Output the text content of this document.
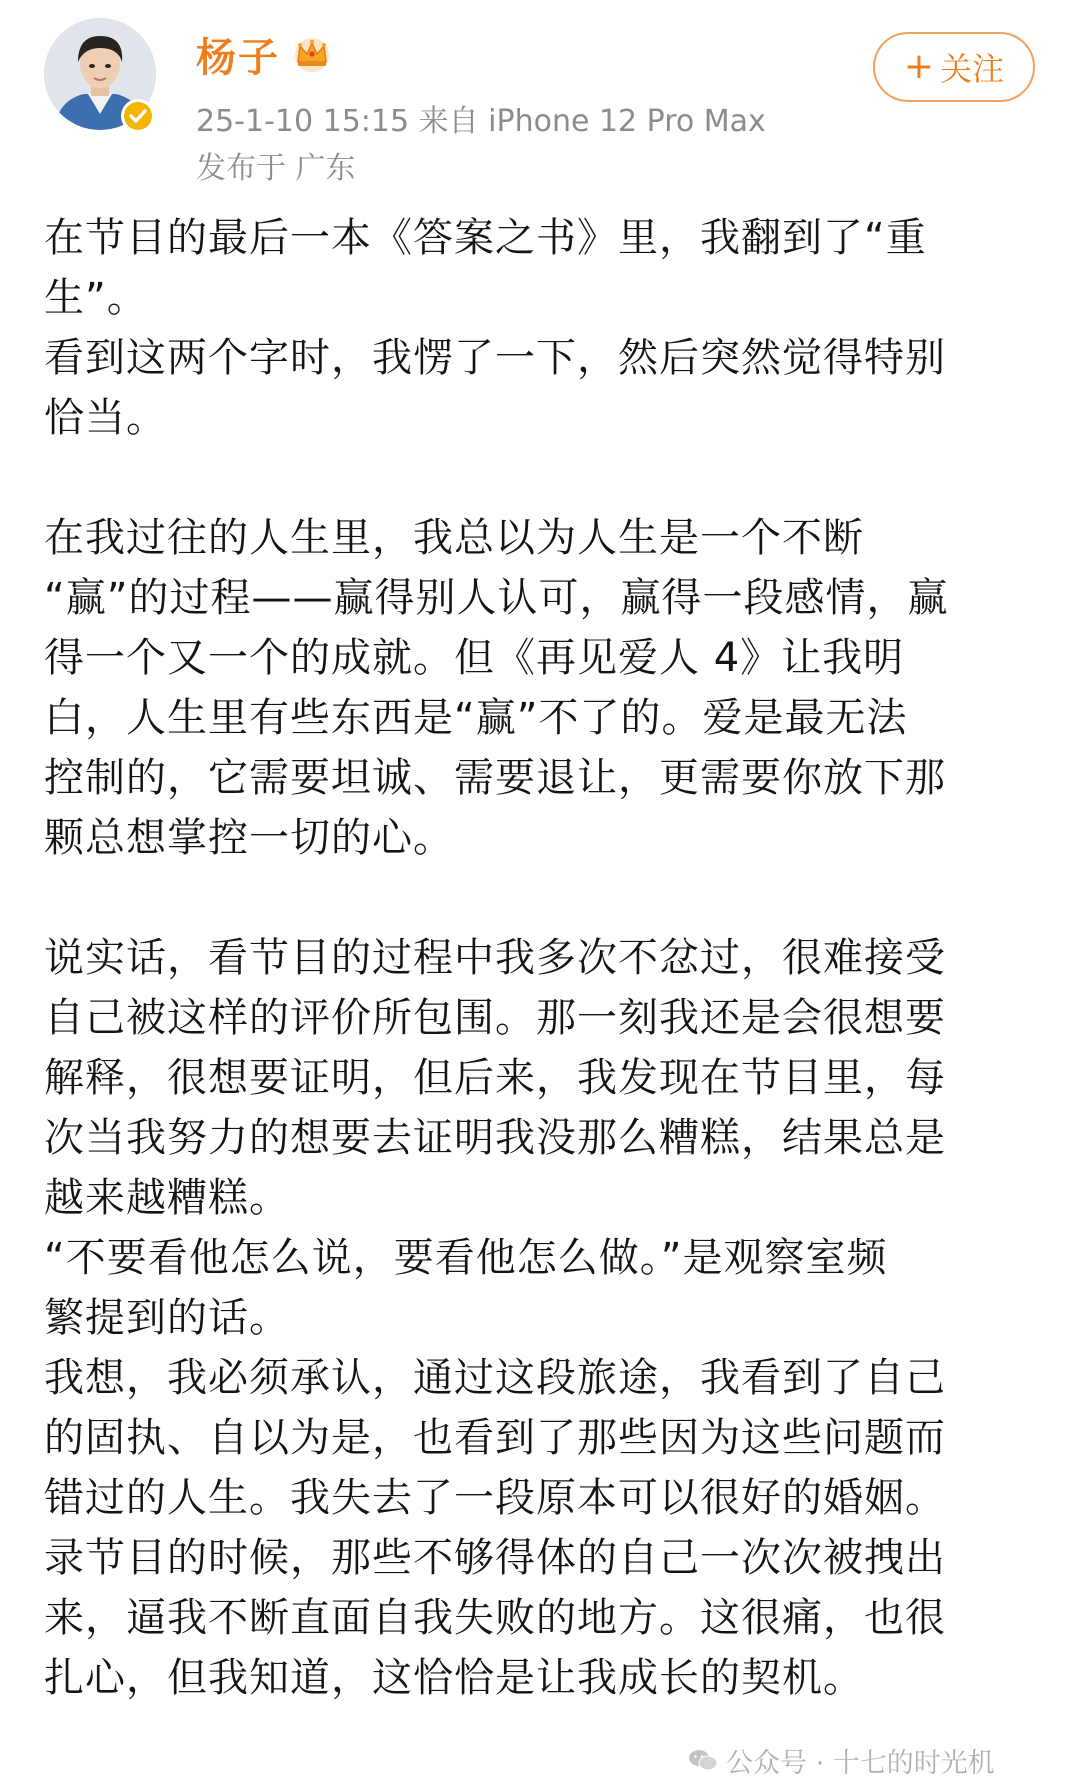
杨子
25-1-10 15:15 来自 iPhone 12 Pro Max
发布于 广东
+ 关注
在节目的最后一本《答案之书》里，我翻到了“重
生”。
看到这两个字时，我愣了一下，然后突然觉得特别
恰当。
在我过往的人生里，我总以为人生是一个不断
“赢”的过程——赢得别人认可，赢得一段感情，赢
得一个又一个的成就。但《再见爱人 4》让我明
白，人生里有些东西是“赢”不了的。爱是最无法
控制的，它需要坦诚、需要退让，更需要你放下那
颗总想掌控一切的心。
说实话，看节目的过程中我多次不忿过，很难接受
自己被这样的评价所包围。那一刻我还是会很想要
解释，很想要证明，但后来，我发现在节目里，每
次当我努力的想要去证明我没那么糟糕，结果总是
越来越糟糕。
“不要看他怎么说，要看他怎么做。”是观察室频
繁提到的话。
我想，我必须承认，通过这段旅途，我看到了自己
的固执、自以为是，也看到了那些因为这些问题而
错过的人生。我失去了一段原本可以很好的婚姻。
录节目的时候，那些不够得体的自己一次次被拽出
来，逼我不断直面自我失败的地方。这很痛，也很
扎心，但我知道，这恰恰是让我成长的契机。
公众号 · 十七的时光机
